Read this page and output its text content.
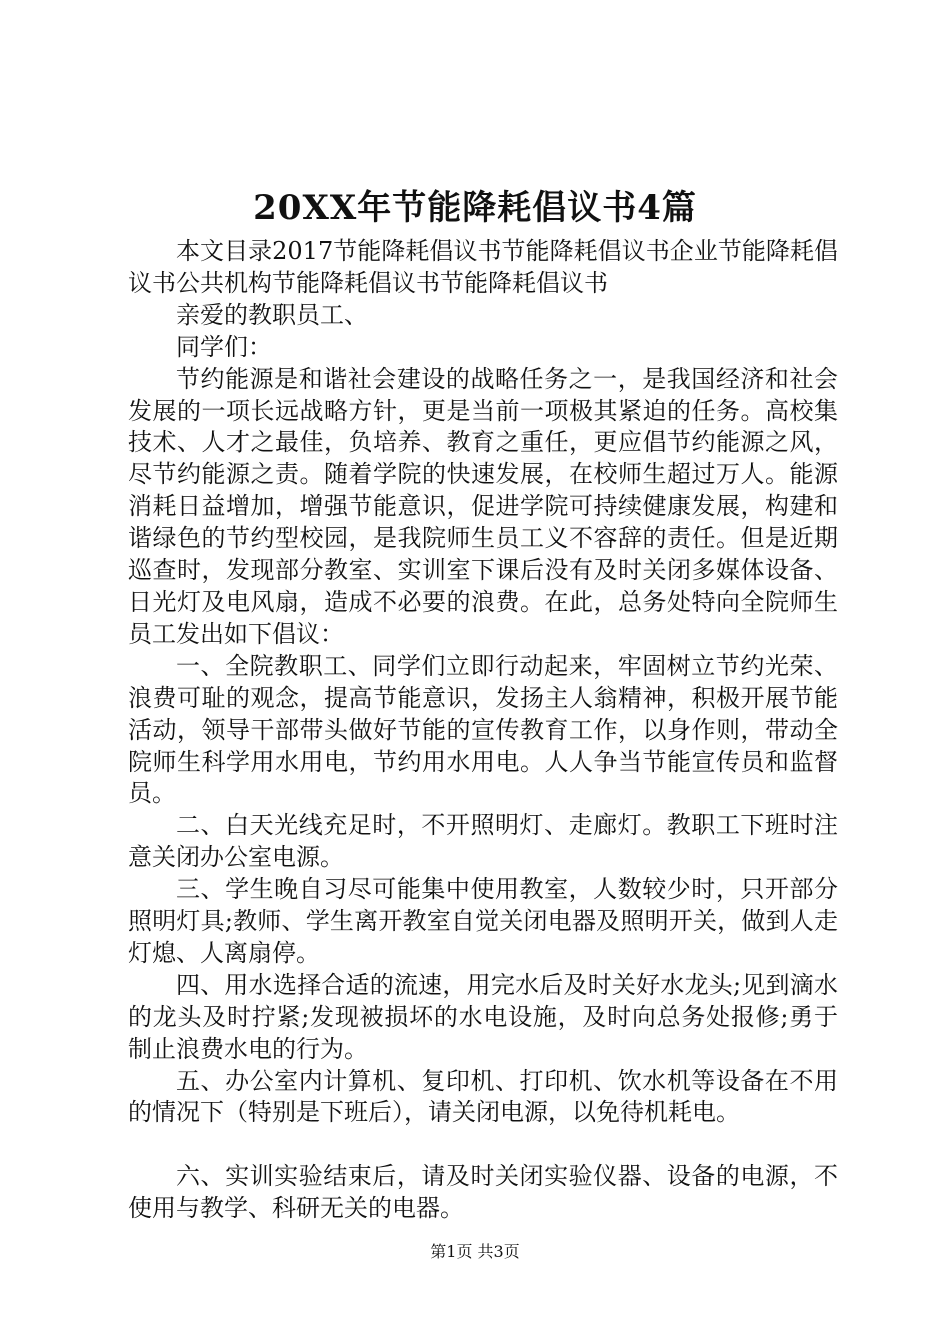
20XX年节能降耗倡议书4篇

本文目录2017节能降耗倡议书节能降耗倡议书企业节能降耗倡议书公共机构节能降耗倡议书节能降耗倡议书

亲爱的教职员工、

同学们：

节约能源是和谐社会建设的战略任务之一，是我国经济和社会发展的一项长远战略方针，更是当前一项极其紧迫的任务。高校集技术、人才之最佳，负培养、教育之重任，更应倡节约能源之风，尽节约能源之责。随着学院的快速发展，在校师生超过万人。能源消耗日益增加，增强节能意识，促进学院可持续健康发展，构建和谐绿色的节约型校园，是我院师生员工义不容辞的责任。但是近期巡查时，发现部分教室、实训室下课后没有及时关闭多媒体设备、日光灯及电风扇，造成不必要的浪费。在此，总务处特向全院师生员工发出如下倡议：

一、全院教职工、同学们立即行动起来，牢固树立节约光荣、浪费可耻的观念，提高节能意识，发扬主人翁精神，积极开展节能活动，领导干部带头做好节能的宣传教育工作，以身作则，带动全院师生科学用水用电，节约用水用电。人人争当节能宣传员和监督员。

二、白天光线充足时，不开照明灯、走廊灯。教职工下班时注意关闭办公室电源。

三、学生晚自习尽可能集中使用教室，人数较少时，只开部分照明灯具;教师、学生离开教室自觉关闭电器及照明开关，做到人走灯熄、人离扇停。

四、用水选择合适的流速，用完水后及时关好水龙头;见到滴水的龙头及时拧紧;发现被损坏的水电设施，及时向总务处报修;勇于制止浪费水电的行为。

五、办公室内计算机、复印机、打印机、饮水机等设备在不用的情况下（特别是下班后），请关闭电源，以免待机耗电。

六、实训实验结束后，请及时关闭实验仪器、设备的电源，不使用与教学、科研无关的电器。

第1页 共3页
